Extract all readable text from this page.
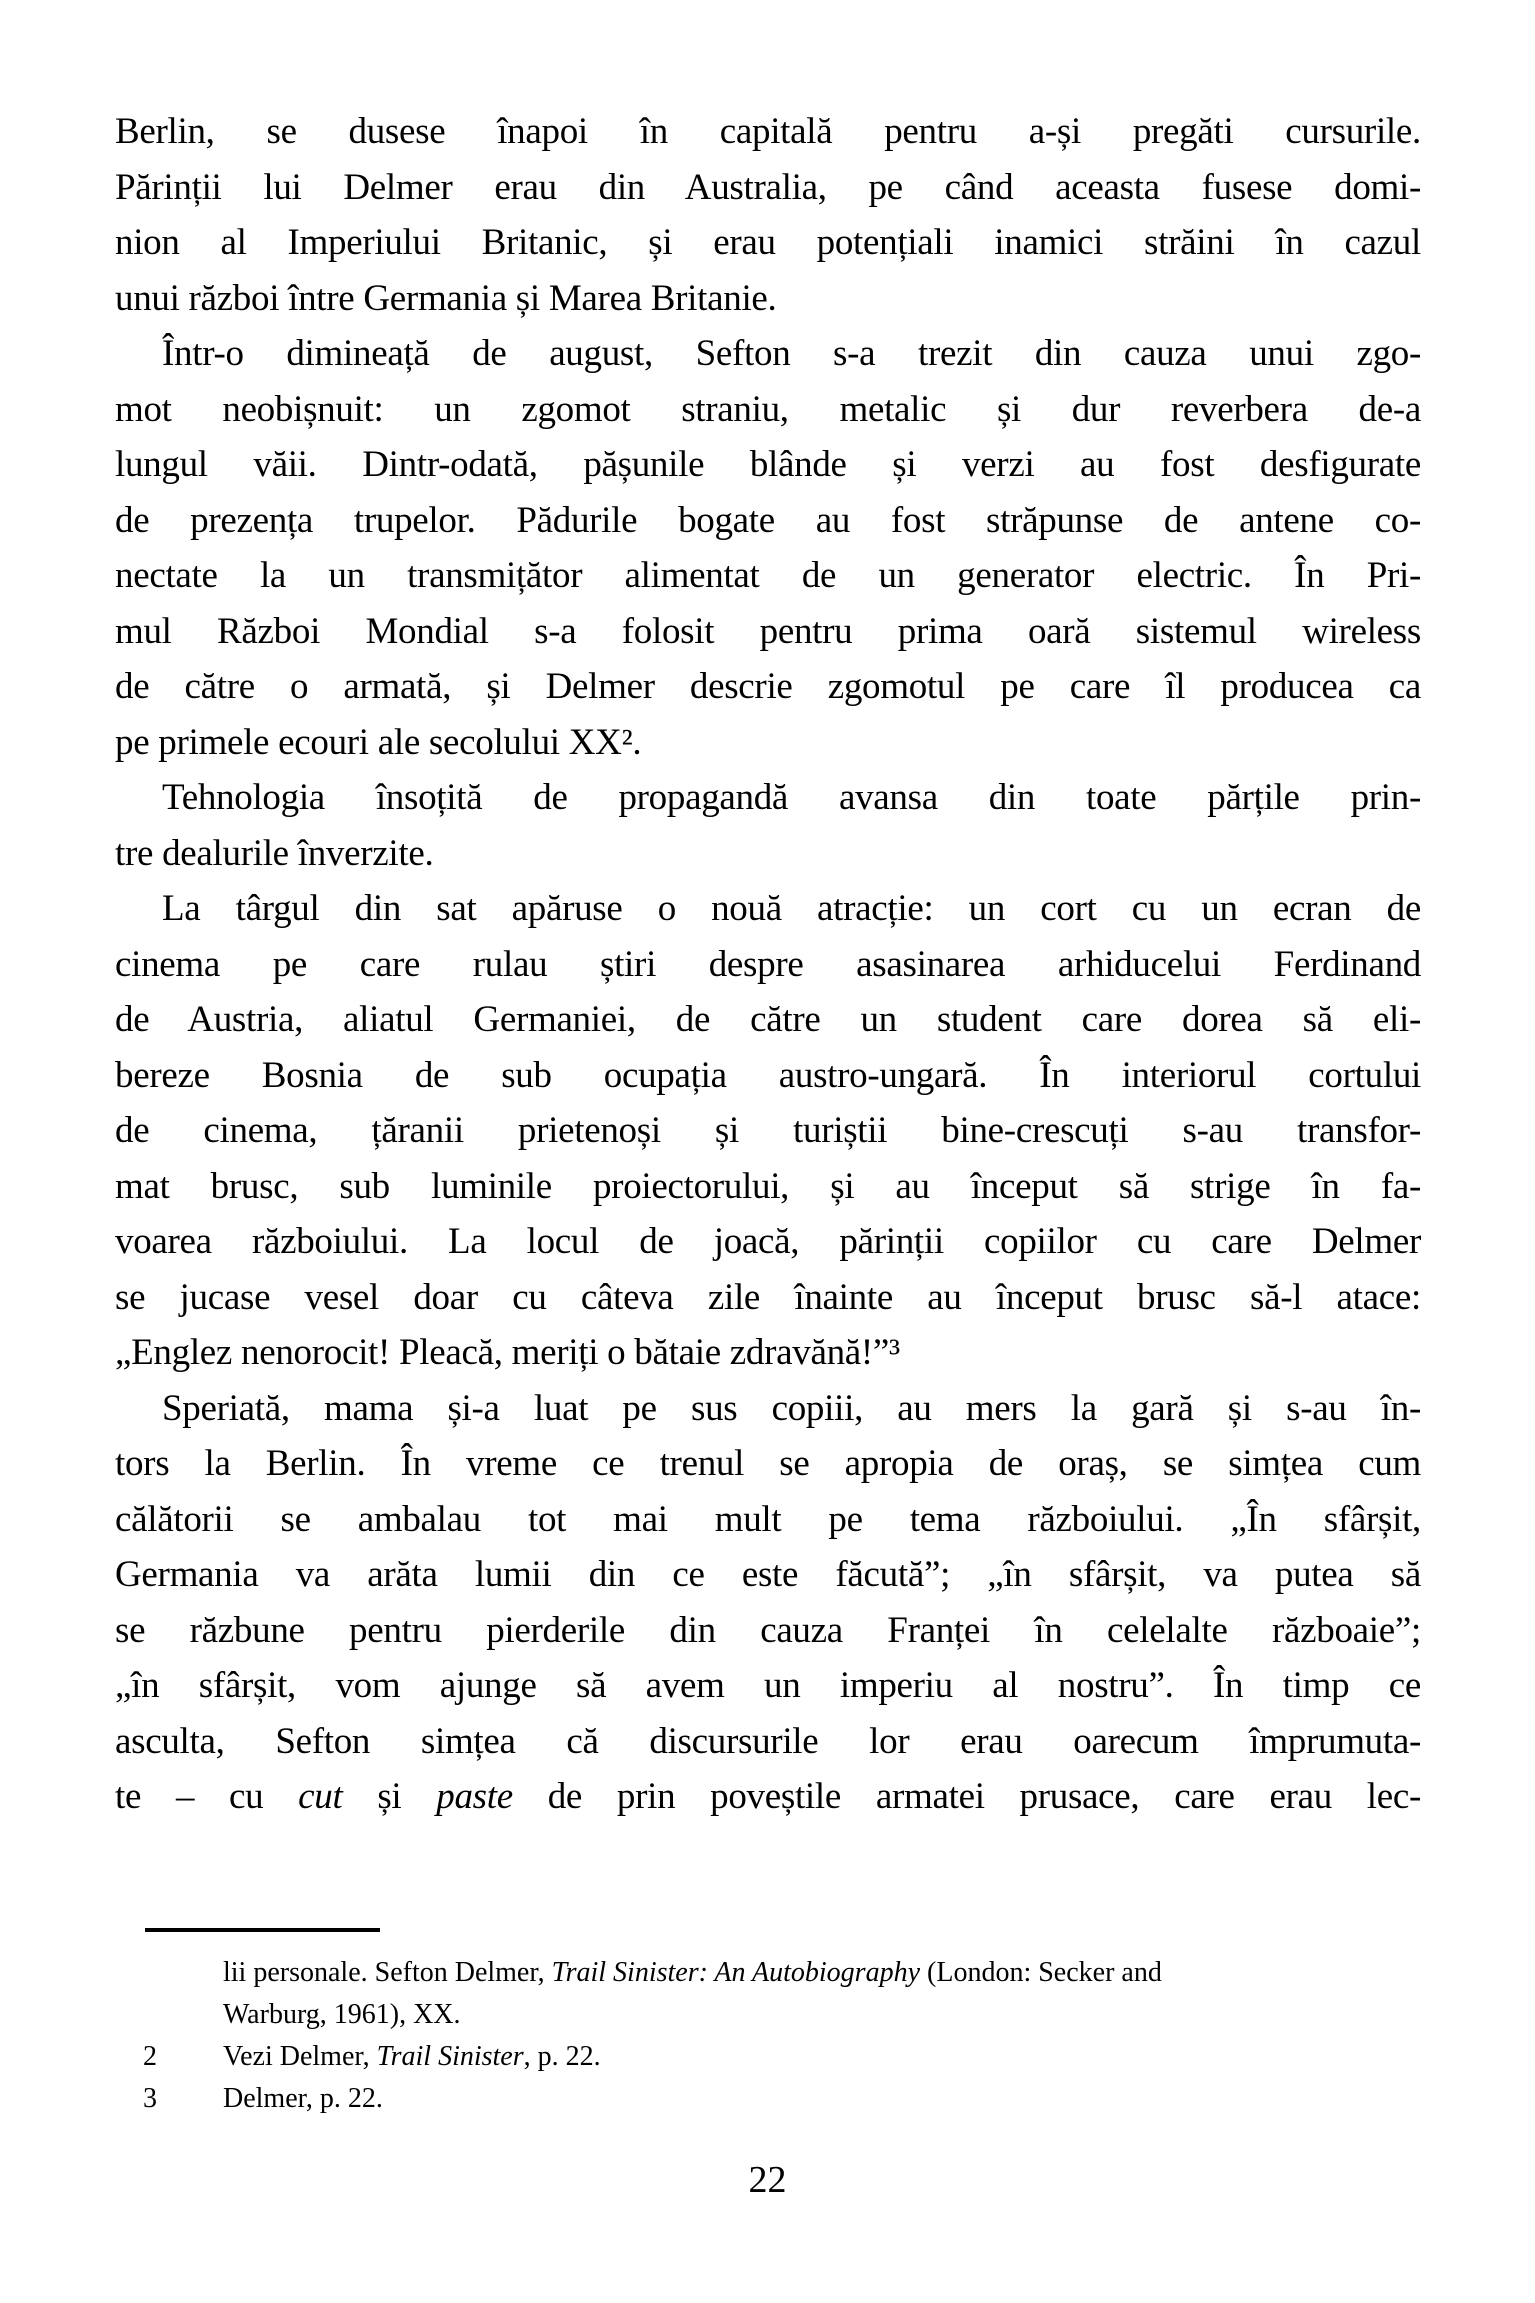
Berlin, se dusese înapoi în capitală pentru a-și pregăti cursurile.
Părinții lui Delmer erau din Australia, pe când aceasta fusese domi-
nion al Imperiului Britanic, și erau potențiali inamici străini în cazul
unui război între Germania și Marea Britanie.
Într-o dimineață de august, Sefton s-a trezit din cauza unui zgo-
mot neobișnuit: un zgomot straniu, metalic și dur reverbera de-a
lungul văii. Dintr-odată, pășunile blânde și verzi au fost desfigurate
de prezența trupelor. Pădurile bogate au fost străpunse de antene co-
nectate la un transmițător alimentat de un generator electric. În Pri-
mul Război Mondial s-a folosit pentru prima oară sistemul wireless
de către o armată, și Delmer descrie zgomotul pe care îl producea ca
pe primele ecouri ale secolului XX².
Tehnologia însoțită de propagandă avansa din toate părțile prin-
tre dealurile înverzite.
La târgul din sat apăruse o nouă atracție: un cort cu un ecran de
cinema pe care rulau știri despre asasinarea arhiducelui Ferdinand
de Austria, aliatul Germaniei, de către un student care dorea să eli-
bereze Bosnia de sub ocupația austro-ungară. În interiorul cortului
de cinema, țăranii prietenoși și turiștii bine-crescuți s-au transfor-
mat brusc, sub luminile proiectorului, și au început să strige în fa-
voarea războiului. La locul de joacă, părinții copiilor cu care Delmer
se jucase vesel doar cu câteva zile înainte au început brusc să-l atace:
„Englez nenorocit! Pleacă, meriți o bătaie zdravănă!”³
Speriată, mama și-a luat pe sus copiii, au mers la gară și s-au în-
tors la Berlin. În vreme ce trenul se apropia de oraș, se simțea cum
călătorii se ambalau tot mai mult pe tema războiului. „În sfârșit,
Germania va arăta lumii din ce este făcută”; „în sfârșit, va putea să
se răzbune pentru pierderile din cauza Franței în celelalte războaie”;
„în sfârșit, vom ajunge să avem un imperiu al nostru”. În timp ce
asculta, Sefton simțea că discursurile lor erau oarecum împrumuta-
te – cu cut și paste de prin poveștile armatei prusace, care erau lec-
lii personale. Sefton Delmer, Trail Sinister: An Autobiography (London: Secker and
Warburg, 1961), XX.
2 Vezi Delmer, Trail Sinister, p. 22.
3 Delmer, p. 22.
22
